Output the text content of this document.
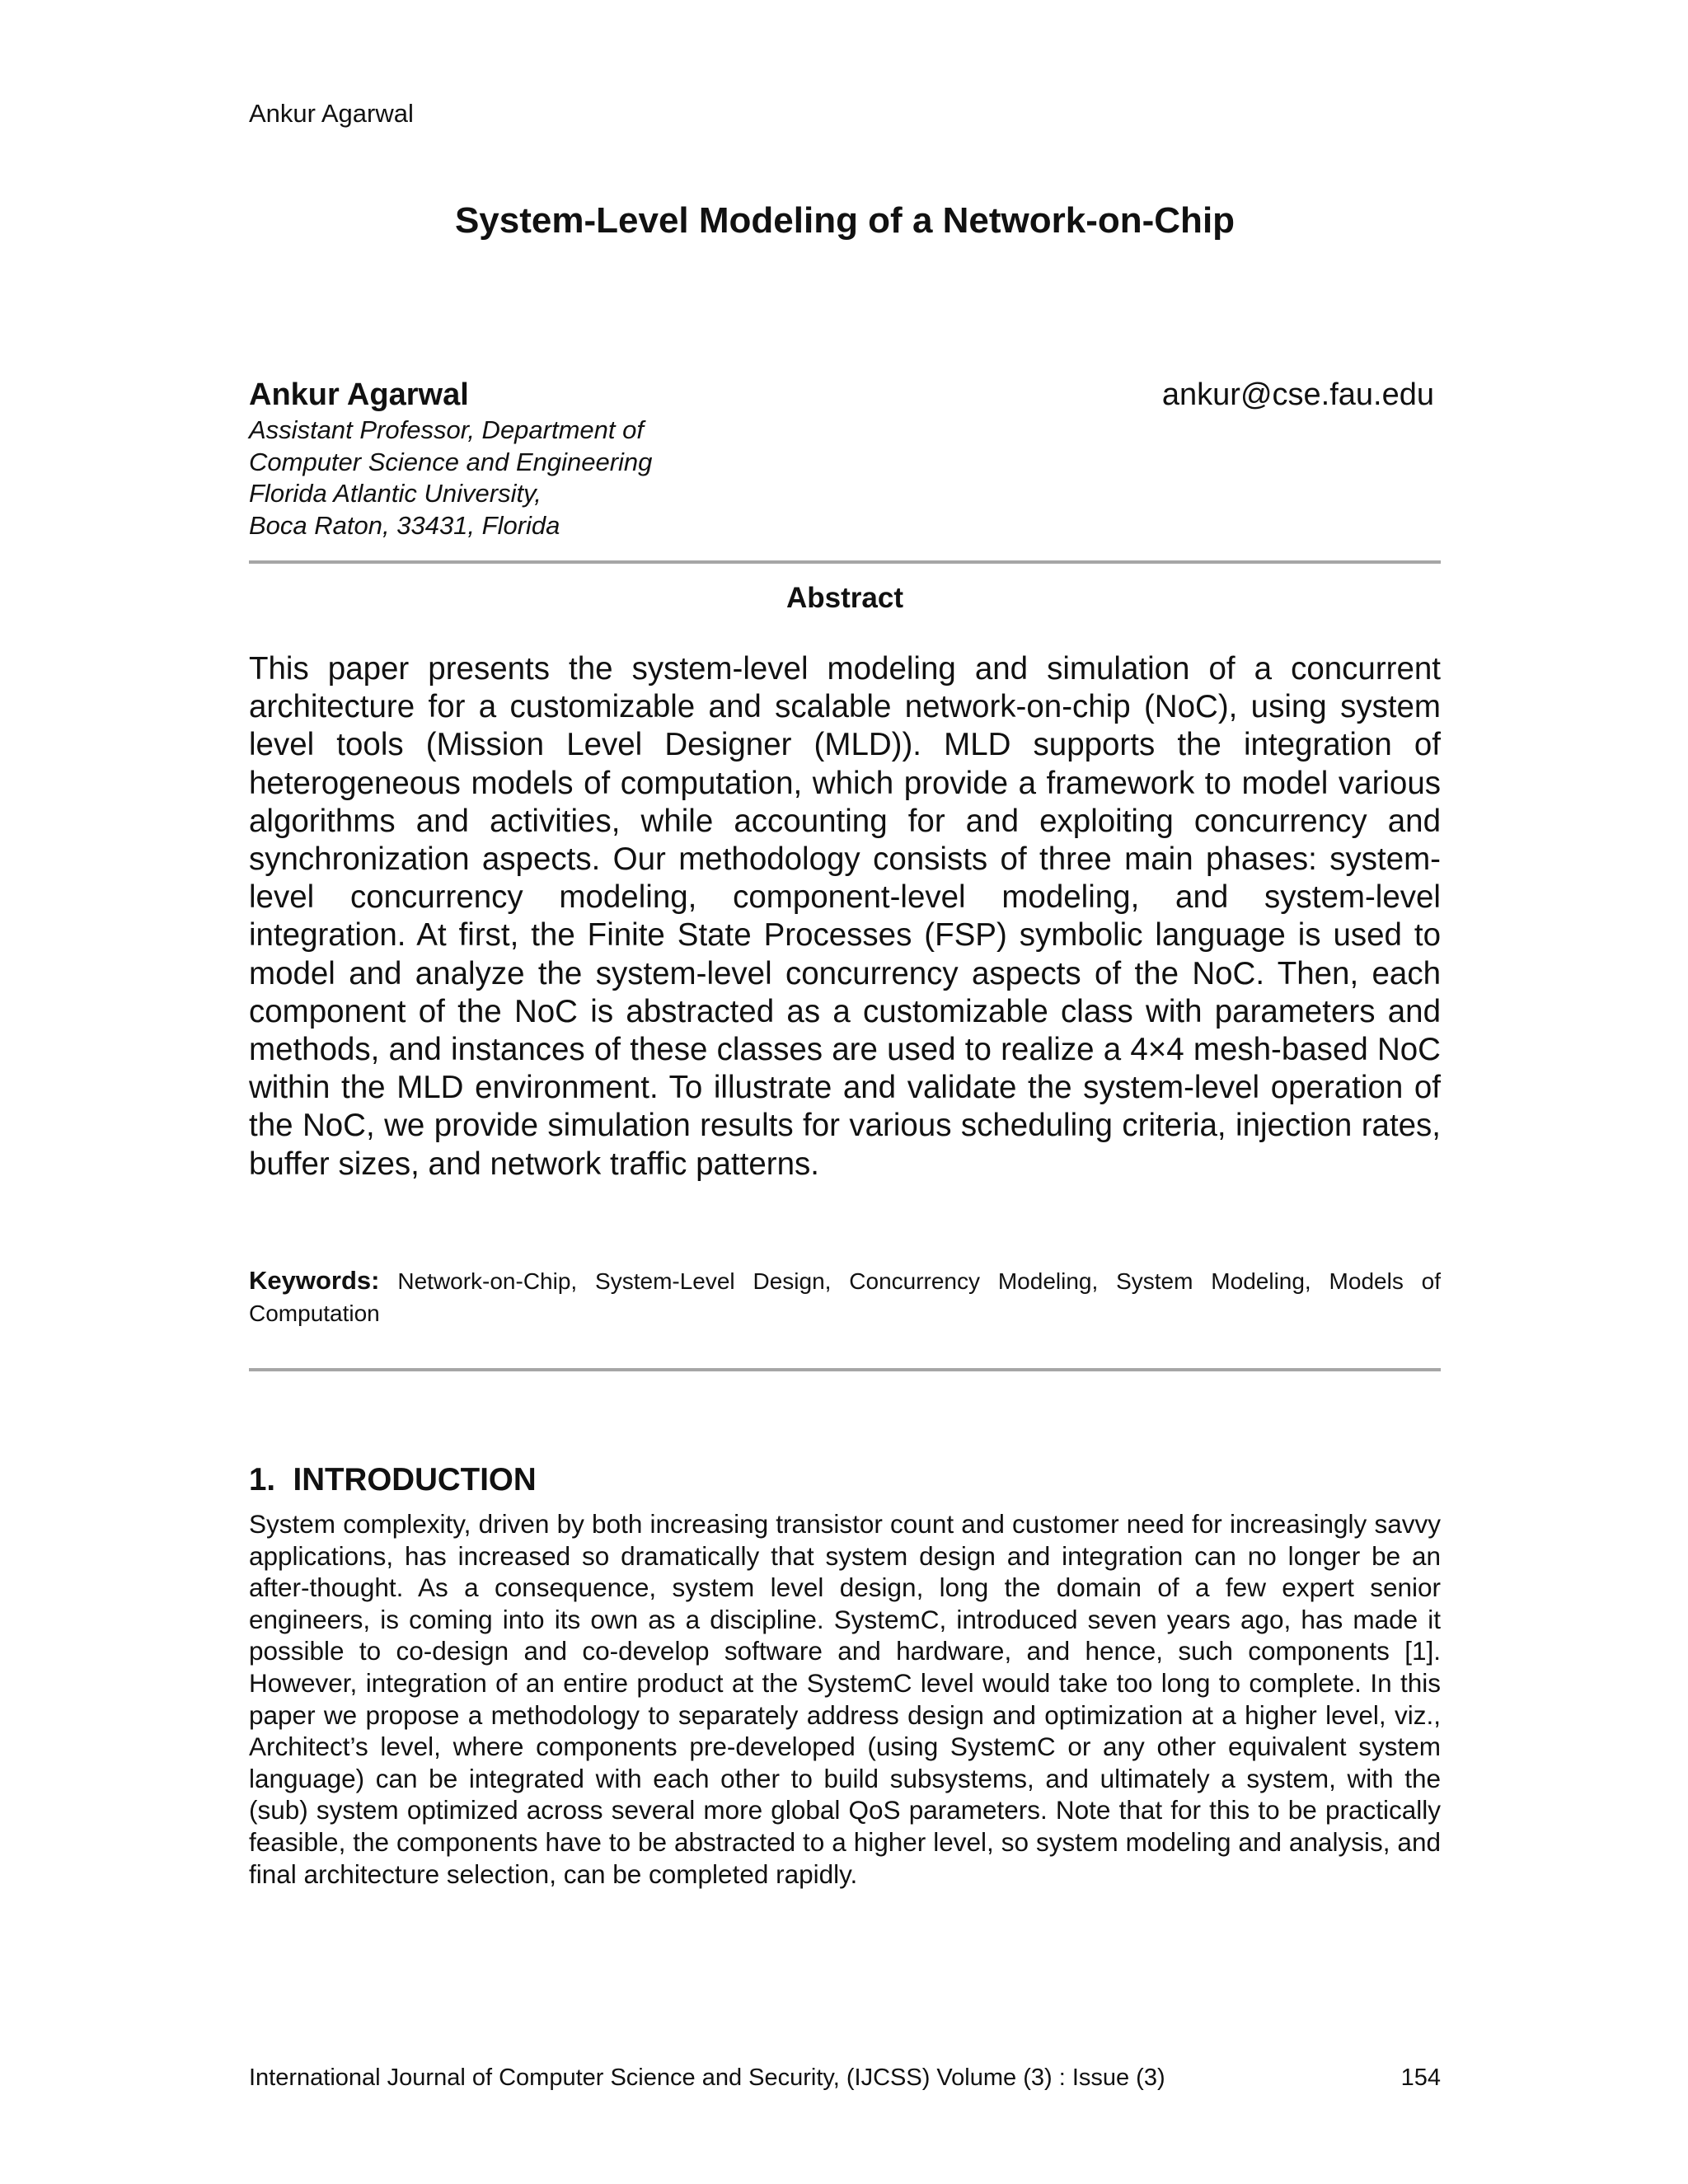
Ankur Agarwal
System-Level Modeling of a Network-on-Chip
Ankur Agarwal	ankur@cse.fau.edu
Assistant Professor, Department of
Computer Science and Engineering
Florida Atlantic University,
Boca Raton, 33431, Florida
Abstract

This paper presents the system-level modeling and simulation of a concurrent architecture for a customizable and scalable network-on-chip (NoC), using system level tools (Mission Level Designer (MLD)). MLD supports the integration of heterogeneous models of computation, which provide a framework to model various algorithms and activities, while accounting for and exploiting concurrency and synchronization aspects. Our methodology consists of three main phases: system-level concurrency modeling, component-level modeling, and system-level integration. At first, the Finite State Processes (FSP) symbolic language is used to model and analyze the system-level concurrency aspects of the NoC. Then, each component of the NoC is abstracted as a customizable class with parameters and methods, and instances of these classes are used to realize a 4×4 mesh-based NoC within the MLD environment. To illustrate and validate the system-level operation of the NoC, we provide simulation results for various scheduling criteria, injection rates, buffer sizes, and network traffic patterns.

Keywords: Network-on-Chip, System-Level Design, Concurrency Modeling, System Modeling, Models of Computation

1.  INTRODUCTION

System complexity, driven by both increasing transistor count and customer need for increasingly savvy applications, has increased so dramatically that system design and integration can no longer be an after-thought. As a consequence, system level design, long the domain of a few expert senior engineers, is coming into its own as a discipline. SystemC, introduced seven years ago, has made it possible to co-design and co-develop software and hardware, and hence, such components [1]. However, integration of an entire product at the SystemC level would take too long to complete. In this paper we propose a methodology to separately address design and optimization at a higher level, viz., Architect’s level, where components pre-developed (using SystemC or any other equivalent system language) can be integrated with each other to build subsystems, and ultimately a system, with the (sub) system optimized across several more global QoS parameters. Note that for this to be practically feasible, the components have to be abstracted to a higher level, so system modeling and analysis, and final architecture selection, can be completed rapidly.

International Journal of Computer Science and Security, (IJCSS) Volume (3) : Issue (3)	154
